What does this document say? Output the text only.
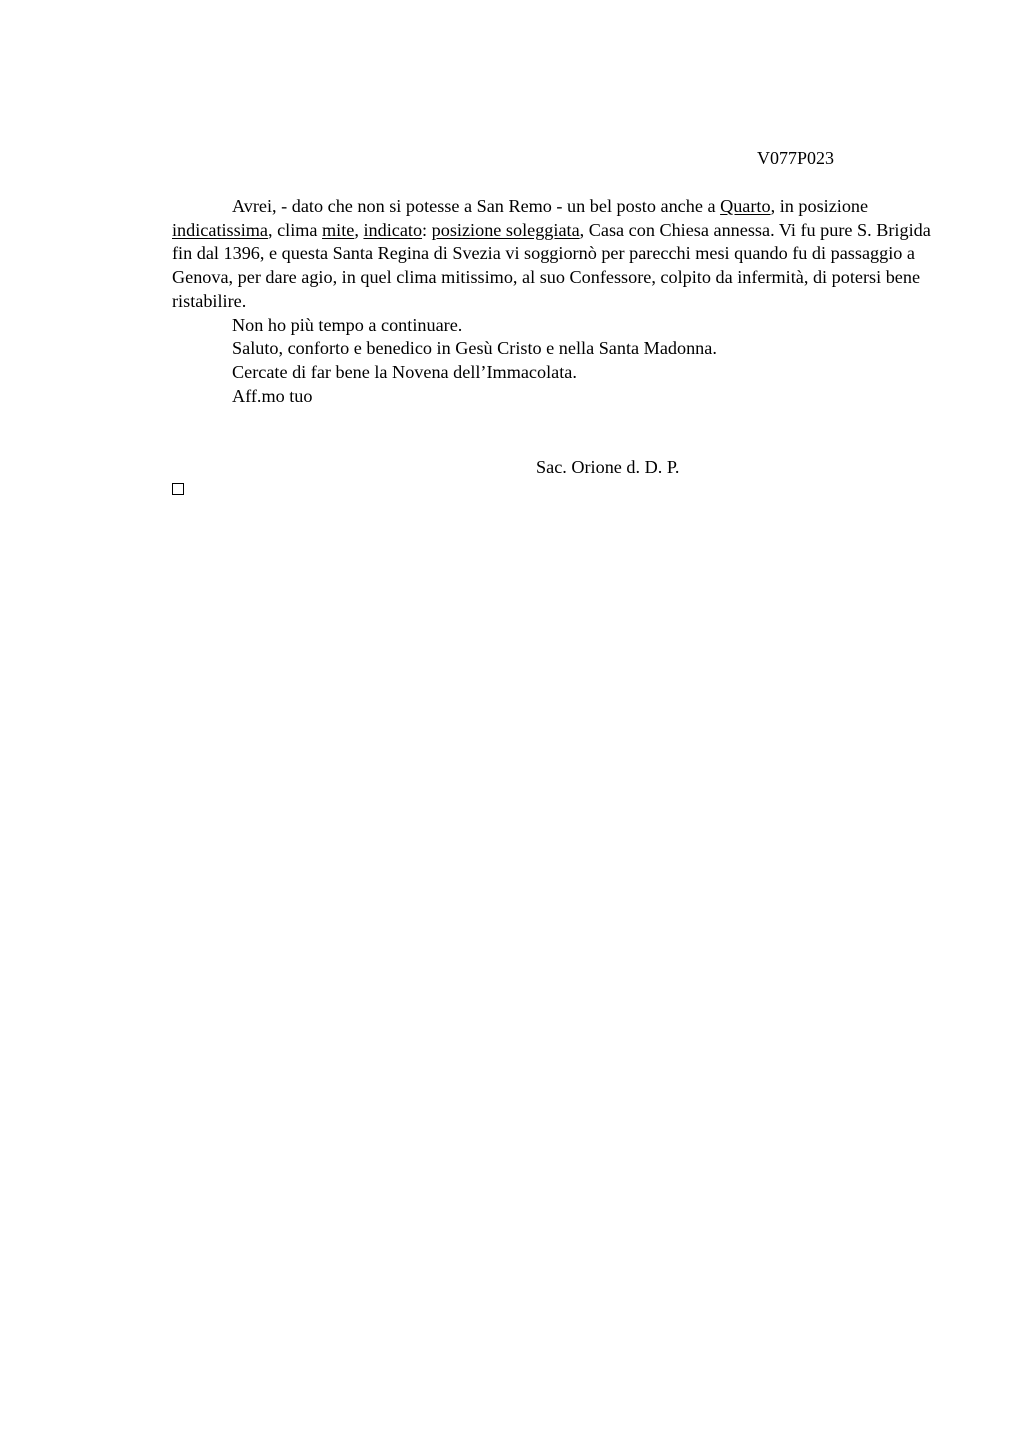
V077P023

Avrei, - dato che non si potesse a San Remo - un bel posto anche a Quarto, in posizione indicatissima, clima mite, indicato: posizione soleggiata, Casa con Chiesa annessa. Vi fu pure S. Brigida fin dal 1396, e questa Santa Regina di Svezia vi soggiornò per parecchi mesi quando fu di passaggio a Genova, per dare agio, in quel clima mitissimo, al suo Confessore, colpito da infermità, di potersi bene ristabilire.

Non ho più tempo a continuare.

Saluto, conforto e benedico in Gesù Cristo e nella Santa Madonna.

Cercate di far bene la Novena dell’Immacolata.

Aff.mo tuo

Sac. Orione d. D. P.
